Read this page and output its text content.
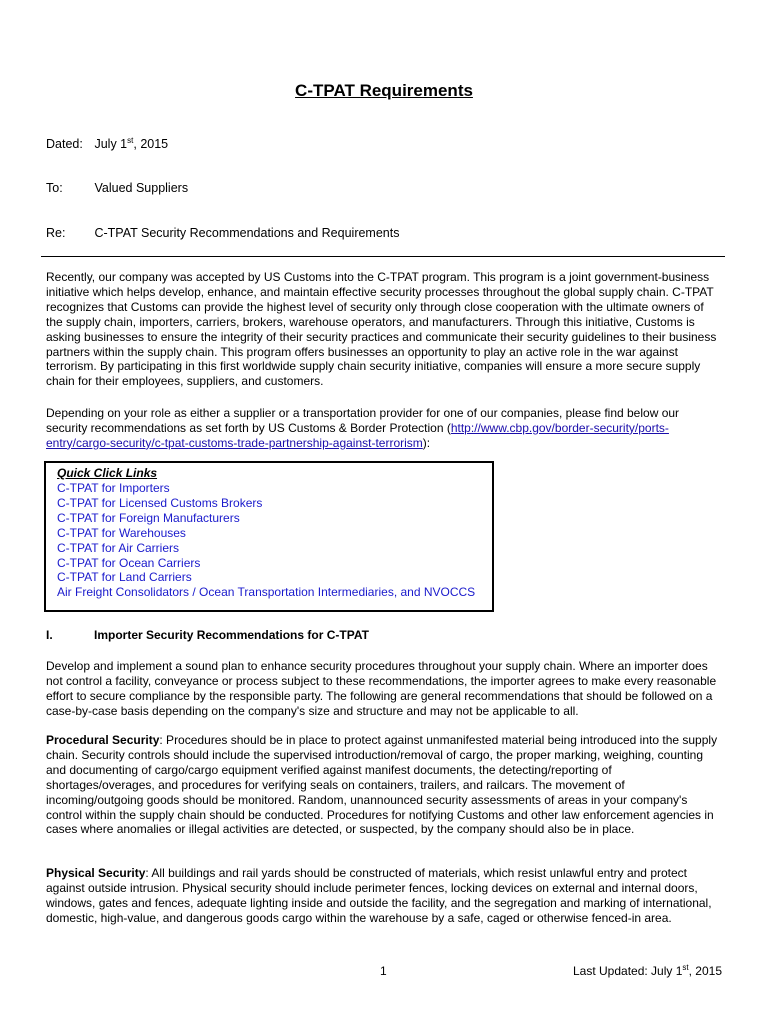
C-TPAT Requirements
Dated: July 1st, 2015
To:	Valued Suppliers
Re: C-TPAT Security Recommendations and Requirements

Recently, our company was accepted by US Customs into the C-TPAT program. This program is a joint government-business initiative which helps develop, enhance, and maintain effective security processes throughout the global supply chain. C-TPAT recognizes that Customs can provide the highest level of security only through close cooperation with the ultimate owners of the supply chain, importers, carriers, brokers, warehouse operators, and manufacturers. Through this initiative, Customs is asking businesses to ensure the integrity of their security practices and communicate their security guidelines to their business partners within the supply chain. This program offers businesses an opportunity to play an active role in the war against terrorism. By participating in this first worldwide supply chain security initiative, companies will ensure a more secure supply chain for their employees, suppliers, and customers.

Depending on your role as either a supplier or a transportation provider for one of our companies, please find below our security recommendations as set forth by US Customs & Border Protection (http://www.cbp.gov/border-security/ports-entry/cargo-security/c-tpat-customs-trade-partnership-against-terrorism):

Quick Click Links
C-TPAT for Importers
C-TPAT for Licensed Customs Brokers
C-TPAT for Foreign Manufacturers
C-TPAT for Warehouses
C-TPAT for Air Carriers
C-TPAT for Ocean Carriers
C-TPAT for Land Carriers
Air Freight Consolidators / Ocean Transportation Intermediaries, and NVOCCS
I.	Importer Security Recommendations for C-TPAT

Develop and implement a sound plan to enhance security procedures throughout your supply chain. Where an importer does not control a facility, conveyance or process subject to these recommendations, the importer agrees to make every reasonable effort to secure compliance by the responsible party. The following are general recommendations that should be followed on a case-by-case basis depending on the company's size and structure and may not be applicable to all.

Procedural Security: Procedures should be in place to protect against unmanifested material being introduced into the supply chain. Security controls should include the supervised introduction/removal of cargo, the proper marking, weighing, counting and documenting of cargo/cargo equipment verified against manifest documents, the detecting/reporting of shortages/overages, and procedures for verifying seals on containers, trailers, and railcars. The movement of incoming/outgoing goods should be monitored. Random, unannounced security assessments of areas in your company's control within the supply chain should be conducted. Procedures for notifying Customs and other law enforcement agencies in cases where anomalies or illegal activities are detected, or suspected, by the company should also be in place.

Physical Security: All buildings and rail yards should be constructed of materials, which resist unlawful entry and protect against outside intrusion. Physical security should include perimeter fences, locking devices on external and internal doors, windows, gates and fences, adequate lighting inside and outside the facility, and the segregation and marking of international, domestic, high-value, and dangerous goods cargo within the warehouse by a safe, caged or otherwise fenced-in area.

1	Last Updated: July 1st, 2015
